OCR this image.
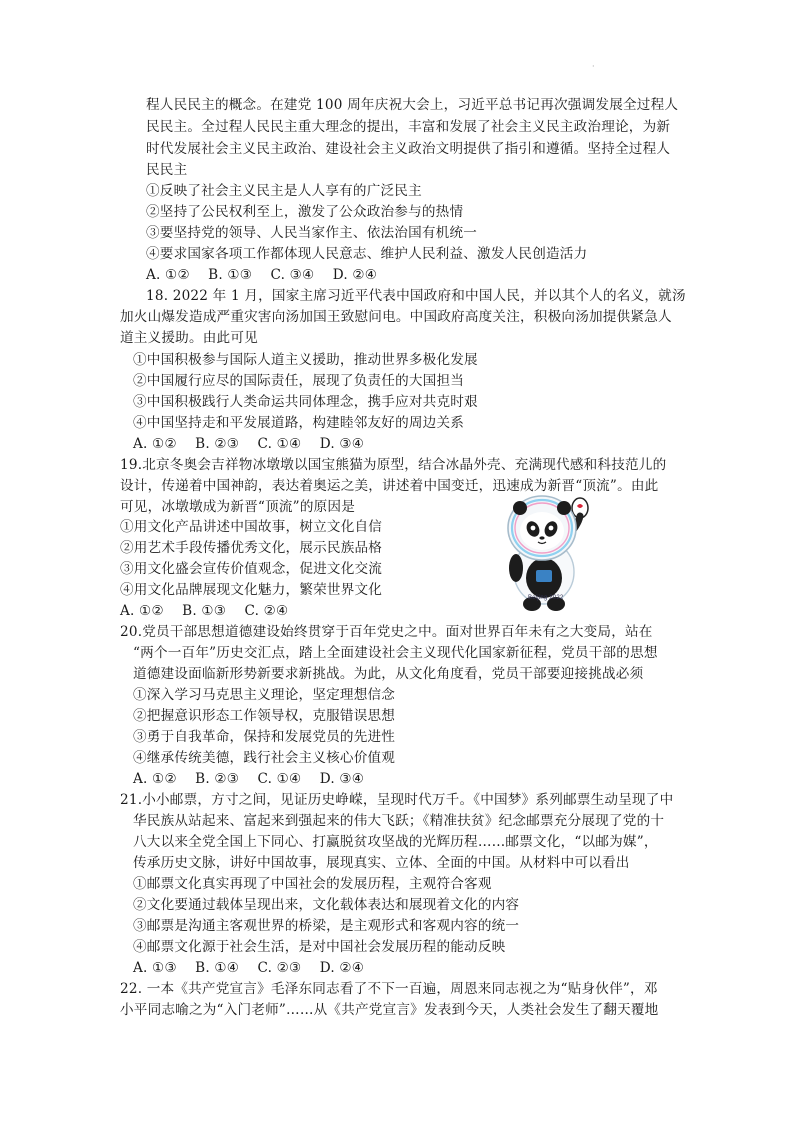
·
程人民民主的概念。在建党 100 周年庆祝大会上，习近平总书记再次强调发展全过程人
民民主。全过程人民民主重大理念的提出，丰富和发展了社会主义民主政治理论，为新
时代发展社会主义民主政治、建设社会主义政治文明提供了指引和遵循。坚持全过程人
民民主
①反映了社会主义民主是人人享有的广泛民主
②坚持了公民权利至上，激发了公众政治参与的热情
③要坚持党的领导、人民当家作主、依法治国有机统一
④要求国家各项工作都体现人民意志、维护人民利益、激发人民创造活力
A. ①②　 B. ①③　 C. ③④　 D. ②④
18. 2022 年 1 月，国家主席习近平代表中国政府和中国人民，并以其个人的名义，就汤
加火山爆发造成严重灾害向汤加国王致慰问电。中国政府高度关注，积极向汤加提供紧急人
道主义援助。由此可见
①中国积极参与国际人道主义援助，推动世界多极化发展
②中国履行应尽的国际责任，展现了负责任的大国担当
③中国积极践行人类命运共同体理念，携手应对共克时艰
④中国坚持走和平发展道路，构建睦邻友好的周边关系
A. ①②　 B. ②③　 C. ①④　 D. ③④
19.北京冬奥会吉祥物冰墩墩以国宝熊猫为原型，结合冰晶外壳、充满现代感和科技范儿的
设计，传递着中国神韵，表达着奥运之美，讲述着中国变迁，迅速成为新晋“顶流”。由此
可见，冰墩墩成为新晋“顶流”的原因是
①用文化产品讲述中国故事，树立文化自信
②用艺术手段传播优秀文化，展示民族品格
③用文化盛会宣传价值观念，促进文化交流
④用文化品牌展现文化魅力，繁荣世界文化
A. ①②　 B. ①③　 C. ②④
Beijing 2022
20.党员干部思想道德建设始终贯穿于百年党史之中。面对世界百年未有之大变局，站在
“两个一百年”历史交汇点，踏上全面建设社会主义现代化国家新征程，党员干部的思想
道德建设面临新形势新要求新挑战。为此，从文化角度看，党员干部要迎接挑战必须
①深入学习马克思主义理论，坚定理想信念
②把握意识形态工作领导权，克服错误思想
③勇于自我革命，保持和发展党员的先进性
④继承传统美德，践行社会主义核心价值观
A. ①②　 B. ②③　 C. ①④　 D. ③④
21.小小邮票，方寸之间，见证历史峥嵘，呈现时代万千。《中国梦》系列邮票生动呈现了中
华民族从站起来、富起来到强起来的伟大飞跃；《精准扶贫》纪念邮票充分展现了党的十
八大以来全党全国上下同心、打赢脱贫攻坚战的光辉历程……邮票文化，“以邮为媒”，
传承历史文脉，讲好中国故事，展现真实、立体、全面的中国。从材料中可以看出
①邮票文化真实再现了中国社会的发展历程，主观符合客观
②文化要通过载体呈现出来，文化载体表达和展现着文化的内容
③邮票是沟通主客观世界的桥梁，是主观形式和客观内容的统一
④邮票文化源于社会生活，是对中国社会发展历程的能动反映
A. ①③　 B. ①④　 C. ②③　 D. ②④
22. 一本《共产党宣言》毛泽东同志看了不下一百遍，周恩来同志视之为“贴身伙伴”，邓
小平同志喻之为“入门老师”……从《共产党宣言》发表到今天，人类社会发生了翻天覆地
